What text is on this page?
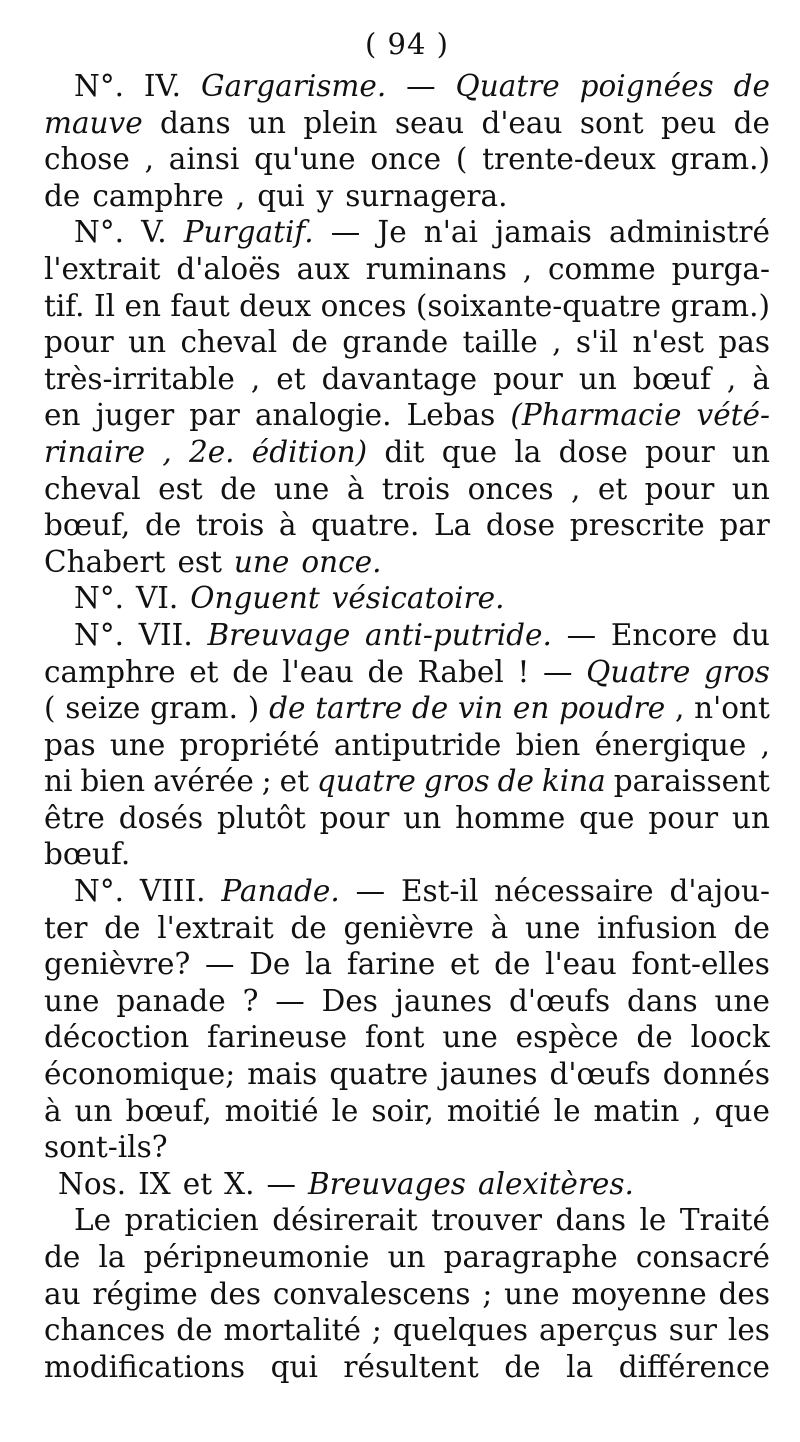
( 94 )
N°. IV. Gargarisme. — Quatre poignées de
mauve dans un plein seau d'eau sont peu de
chose , ainsi qu'une once ( trente-deux gram.)
de camphre , qui y surnagera.
N°. V. Purgatif. — Je n'ai jamais administré
l'extrait d'aloës aux ruminans , comme purga-
tif. Il en faut deux onces (soixante-quatre gram.)
pour un cheval de grande taille , s'il n'est pas
très-irritable , et davantage pour un bœuf , à
en juger par analogie. Lebas (Pharmacie vété-
rinaire , 2e. édition) dit que la dose pour un
cheval est de une à trois onces , et pour un
bœuf, de trois à quatre. La dose prescrite par
Chabert est une once.
N°. VI. Onguent vésicatoire.
N°. VII. Breuvage anti-putride. — Encore du
camphre et de l'eau de Rabel ! — Quatre gros
( seize gram. ) de tartre de vin en poudre , n'ont
pas une propriété antiputride bien énergique ,
ni bien avérée ; et quatre gros de kina paraissent
être dosés plutôt pour un homme que pour un
bœuf.
N°. VIII. Panade. — Est-il nécessaire d'ajou-
ter de l'extrait de genièvre à une infusion de
genièvre? — De la farine et de l'eau font-elles
une panade ? — Des jaunes d'œufs dans une
décoction farineuse font une espèce de loock
économique; mais quatre jaunes d'œufs donnés
à un bœuf, moitié le soir, moitié le matin , que
sont-ils?
Nos. IX et X. — Breuvages alexitères.
Le praticien désirerait trouver dans le Traité
de la péripneumonie un paragraphe consacré
au régime des convalescens ; une moyenne des
chances de mortalité ; quelques aperçus sur les
modifications qui résultent de la différence
